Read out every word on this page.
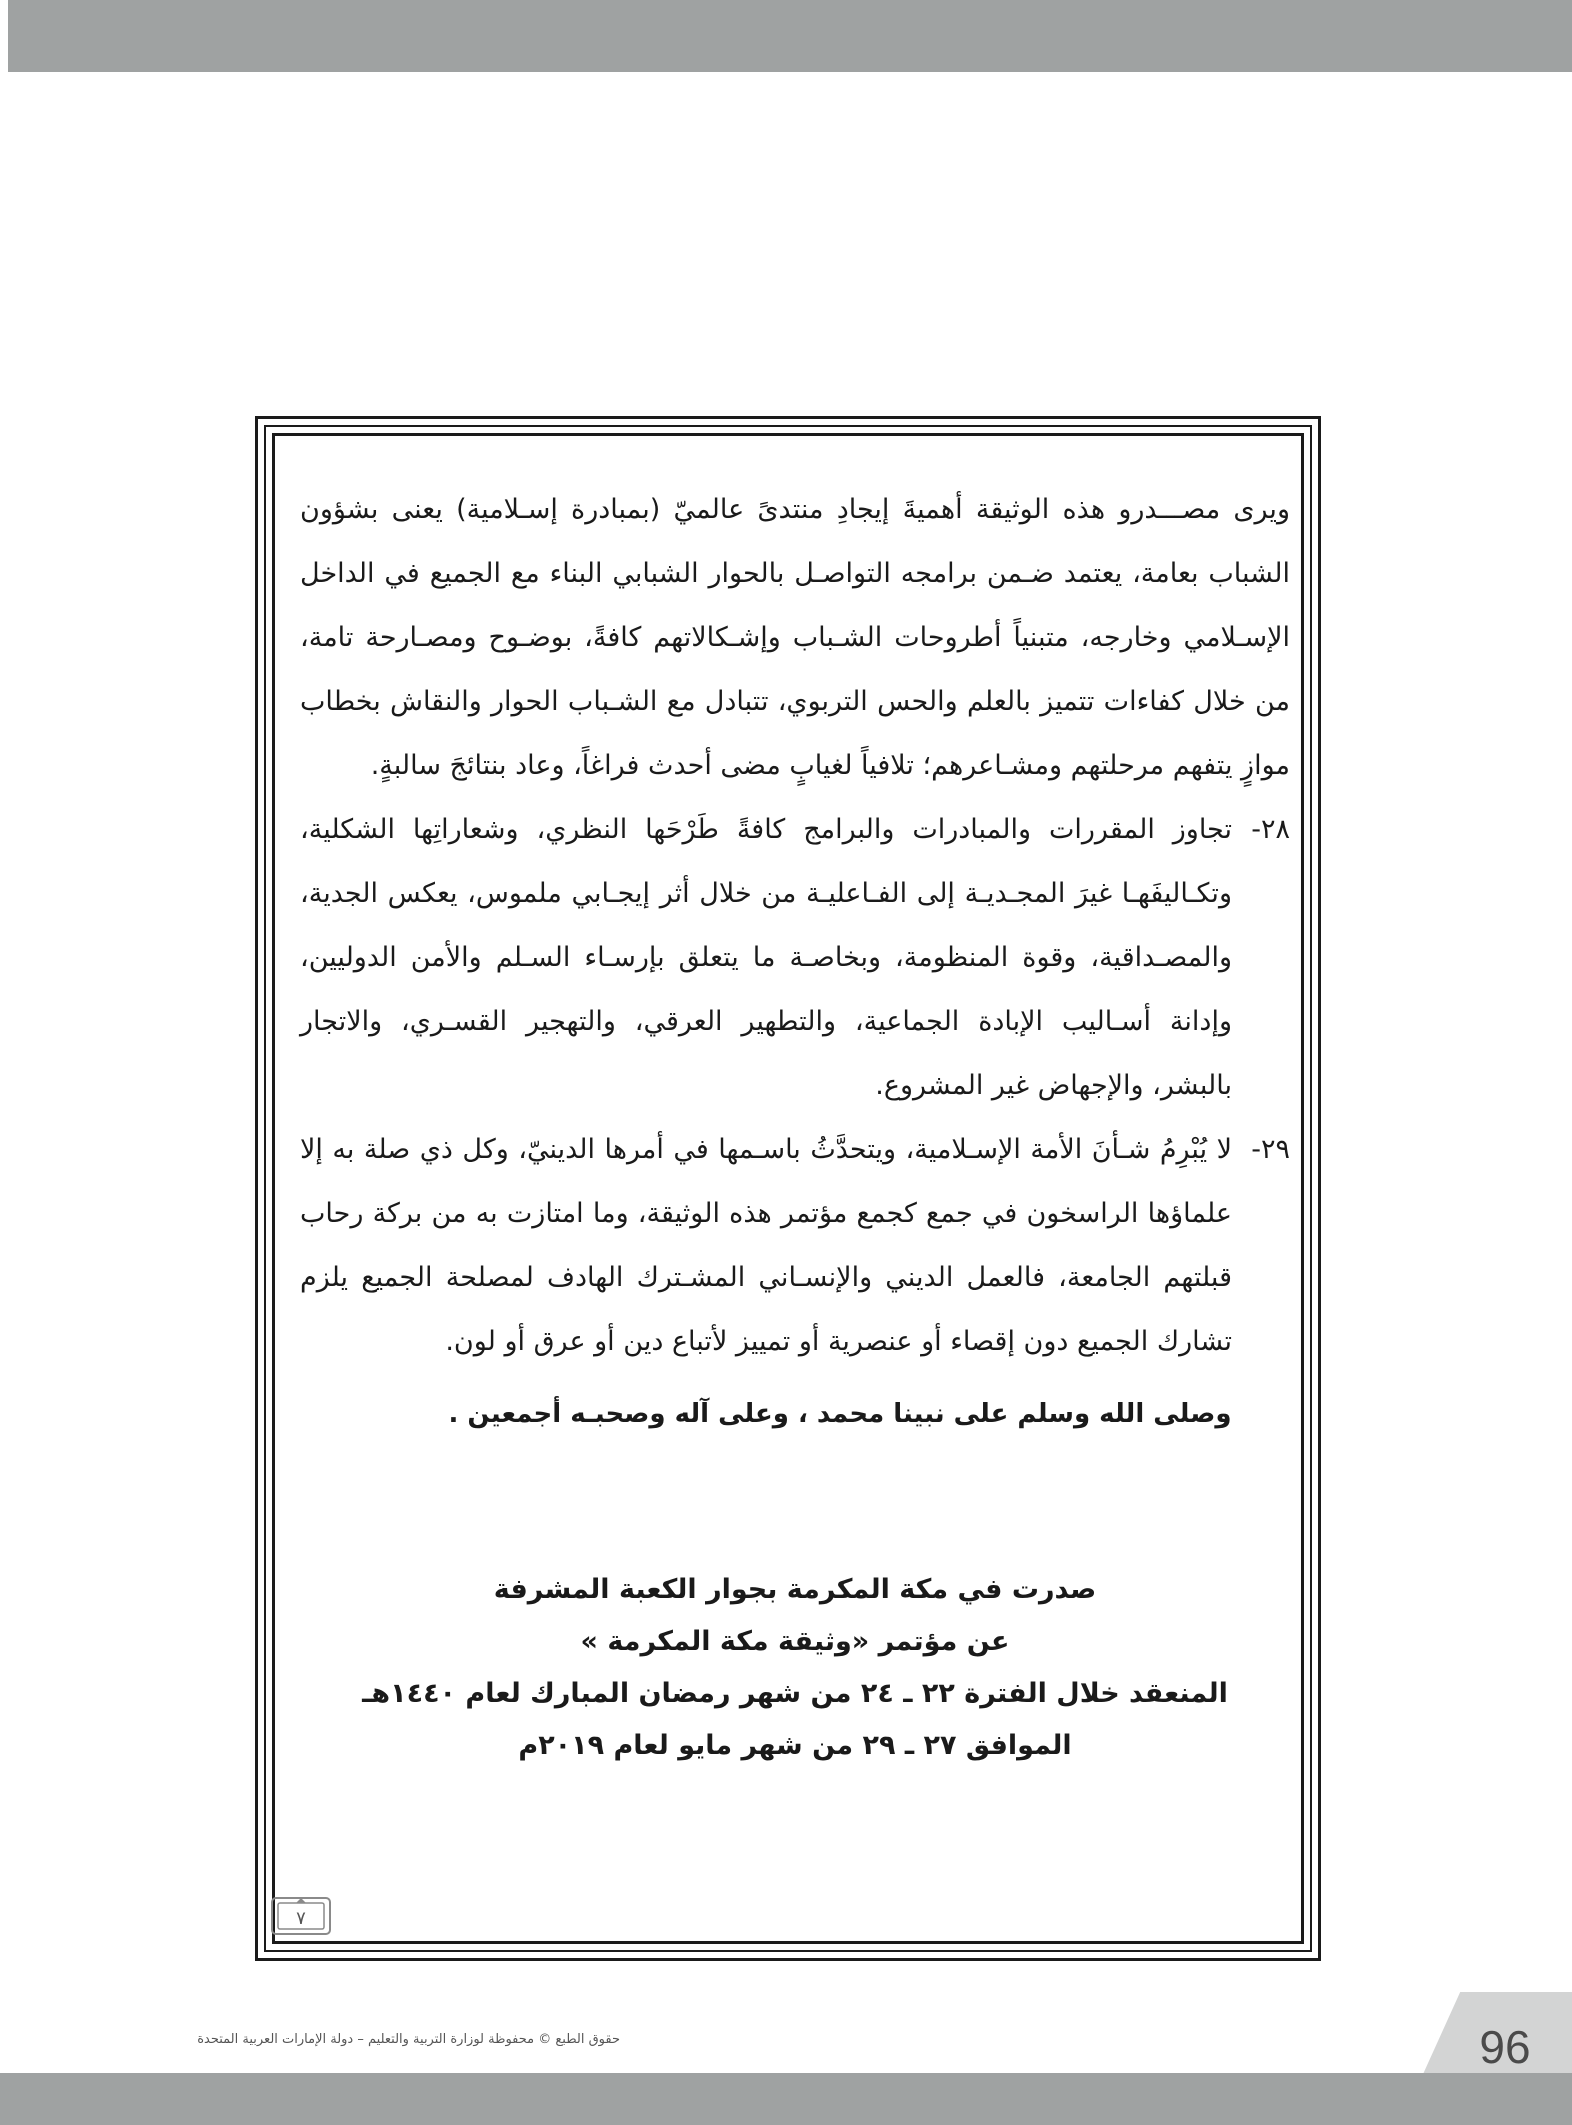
ويرى مصـــدرو هذه الوثيقة أهميةَ إيجادِ منتدىً عالميّ (بمبادرة إسـلامية) يعنى بشؤون الشباب بعامة، يعتمد ضـمن برامجه التواصـل بالحوار الشبابي البناء مع الجميع في الداخل الإسـلامي وخارجه، متبنياً أطروحات الشـباب وإشـكالاتهم كافةً، بوضـوح ومصـارحة تامة، من خلال كفاءات تتميز بالعلم والحس التربوي، تتبادل مع الشـباب الحوار والنقاش بخطاب موازٍ يتفهم مرحلتهم ومشـاعرهم؛ تلافياً لغيابٍ مضى أحدث فراغاً، وعاد بنتائجَ سالبةٍ.

٢٨-
تجاوز المقررات والمبادرات والبرامج كافةً طَرْحَها النظري، وشعاراتِها الشكلية، وتكـاليفَهـا غيرَ المجـديـة إلى الفـاعليـة من خلال أثر إيجـابي ملموس، يعكس الجدية، والمصـداقية، وقوة المنظومة، وبخاصـة ما يتعلق بإرسـاء السـلم والأمن الدوليين، وإدانة أسـاليب الإبادة الجماعية، والتطهير العرقي، والتهجير القسـري، والاتجار بالبشر، والإجهاض غير المشروع.
٢٩-
لا يُبْرِمُ شـأنَ الأمة الإسـلامية، ويتحدَّثُ باسـمها في أمرها الدينيّ، وكل ذي صلة به إلا علماؤها الراسخون في جمع كجمع مؤتمر هذه الوثيقة، وما امتازت به من بركة رحاب قبلتهم الجامعة، فالعمل الديني والإنسـاني المشـترك الهادف لمصلحة الجميع يلزم تشارك الجميع دون إقصاء أو عنصرية أو تمييز لأتباع دين أو عرق أو لون.

وصلى الله وسلم على نبينا محمد ، وعلى آله وصحبـه أجمعين .

صدرت في مكة المكرمة بجوار الكعبة المشرفة
عن مؤتمر «وثيقة مكة المكرمة »
المنعقد خلال الفترة ٢٢ ـ ٢٤ من شهر رمضان المبارك لعام ١٤٤٠هـ
الموافق ٢٧ ـ ٢٩ من شهر مايو لعام ٢٠١٩م
٧
96
حقوق الطبع © محفوظة لوزارة التربية والتعليم – دولة الإمارات العربية المتحدة
